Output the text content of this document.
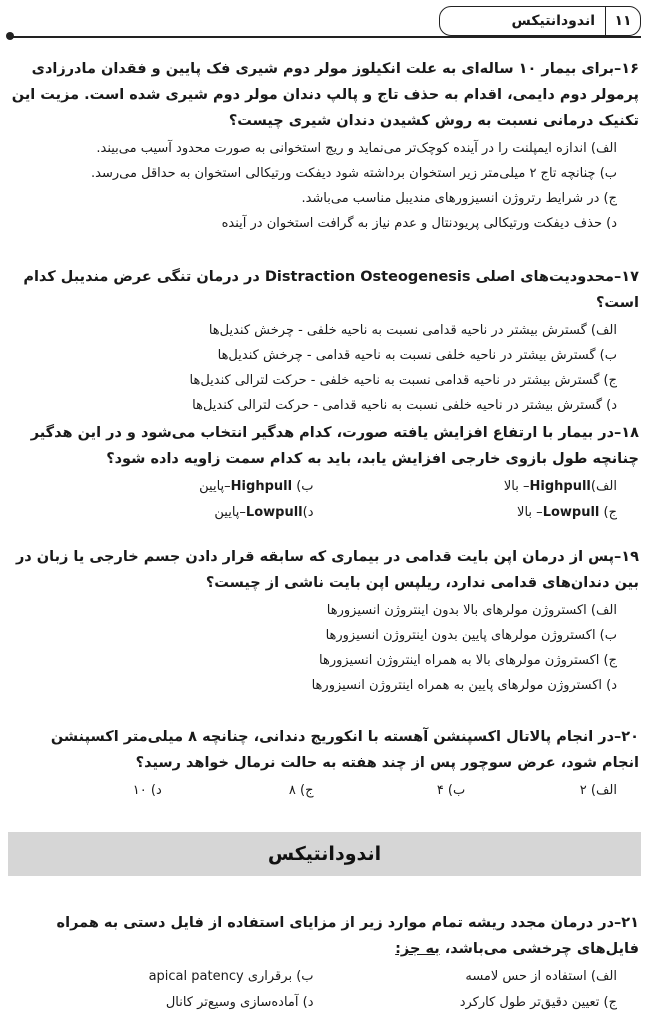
۱۱
اندودانتیکس

۱۶–برای بیمار ۱۰ ساله‌ای به علت انکیلوز مولر دوم شیری فک پایین و فقدان مادرزادی پرمولر دوم دایمی، اقدام به حذف تاج و پالپ دندان مولر دوم شیری شده است. مزیت این تکنیک درمانی نسبت به روش کشیدن دندان شیری چیست؟

الف) اندازه ایمپلنت را در آینده کوچک‌تر می‌نماید و ریج استخوانی به صورت محدود آسیب می‌بیند.
ب) چنانچه تاج ۲ میلی‌متر زیر استخوان برداشته شود دیفکت ورتیکالی استخوان به حداقل می‌رسد.
ج) در شرایط رتروژن انسیزورهای مندیبل مناسب می‌باشد.
د) حذف دیفکت ورتیکالی پریودنتال و عدم نیاز به گرافت استخوان در آینده

۱۷–محدودیت‌های اصلی Distraction Osteogenesis در درمان تنگی عرض مندیبل کدام است؟

الف) گسترش بیشتر در ناحیه قدامی نسبت به ناحیه خلفی - چرخش کندیل‌ها
ب) گسترش بیشتر در ناحیه خلفی نسبت به ناحیه قدامی - چرخش کندیل‌ها
ج) گسترش بیشتر در ناحیه قدامی نسبت به ناحیه خلفی - حرکت لترالی کندیل‌ها
د) گسترش بیشتر در ناحیه خلفی نسبت به ناحیه قدامی - حرکت لترالی کندیل‌ها

۱۸–در بیمار با ارتفاع افزایش یافته صورت، کدام هدگیر انتخاب می‌شود و در این هدگیر چنانچه طول بازوی خارجی افزایش یابد، باید به کدام سمت زاویه داده شود؟

الف)Highpull– بالا
ب) Highpull–پایین
ج) Lowpull– بالا
د)Lowpull–پایین

۱۹–پس از درمان اپن بایت قدامی در بیماری که سابقه قرار دادن جسم خارجی یا زبان در بین دندان‌های قدامی ندارد، ریلپس اپن بایت ناشی از چیست؟

الف) اکستروژن مولرهای بالا بدون اینتروژن انسیزورها
ب) اکستروژن مولرهای پایین بدون اینتروژن انسیزورها
ج) اکستروژن مولرهای بالا به همراه اینتروژن انسیزورها
د) اکستروژن مولرهای پایین به همراه اینتروژن انسیزورها

۲۰–در انجام پالاتال اکسپنشن آهسته با انکوریج دندانی، چنانچه ۸ میلی‌متر اکسپنشن انجام شود، عرض سوچور پس از چند هفته به حالت نرمال خواهد رسید؟

الف) ۲
ب) ۴
ج) ۸
د) ۱۰
اندودانتیکس

۲۱–در درمان مجدد ریشه تمام موارد زیر از مزایای استفاده از فایل دستی به همراه فایل‌های چرخشی می‌باشد، به جز:

الف) استفاده از حس لامسه
ب) برقراری apical patency
ج) تعیین دقیق‌تر طول کارکرد
د) آماده‌سازی وسیع‌تر کانال
